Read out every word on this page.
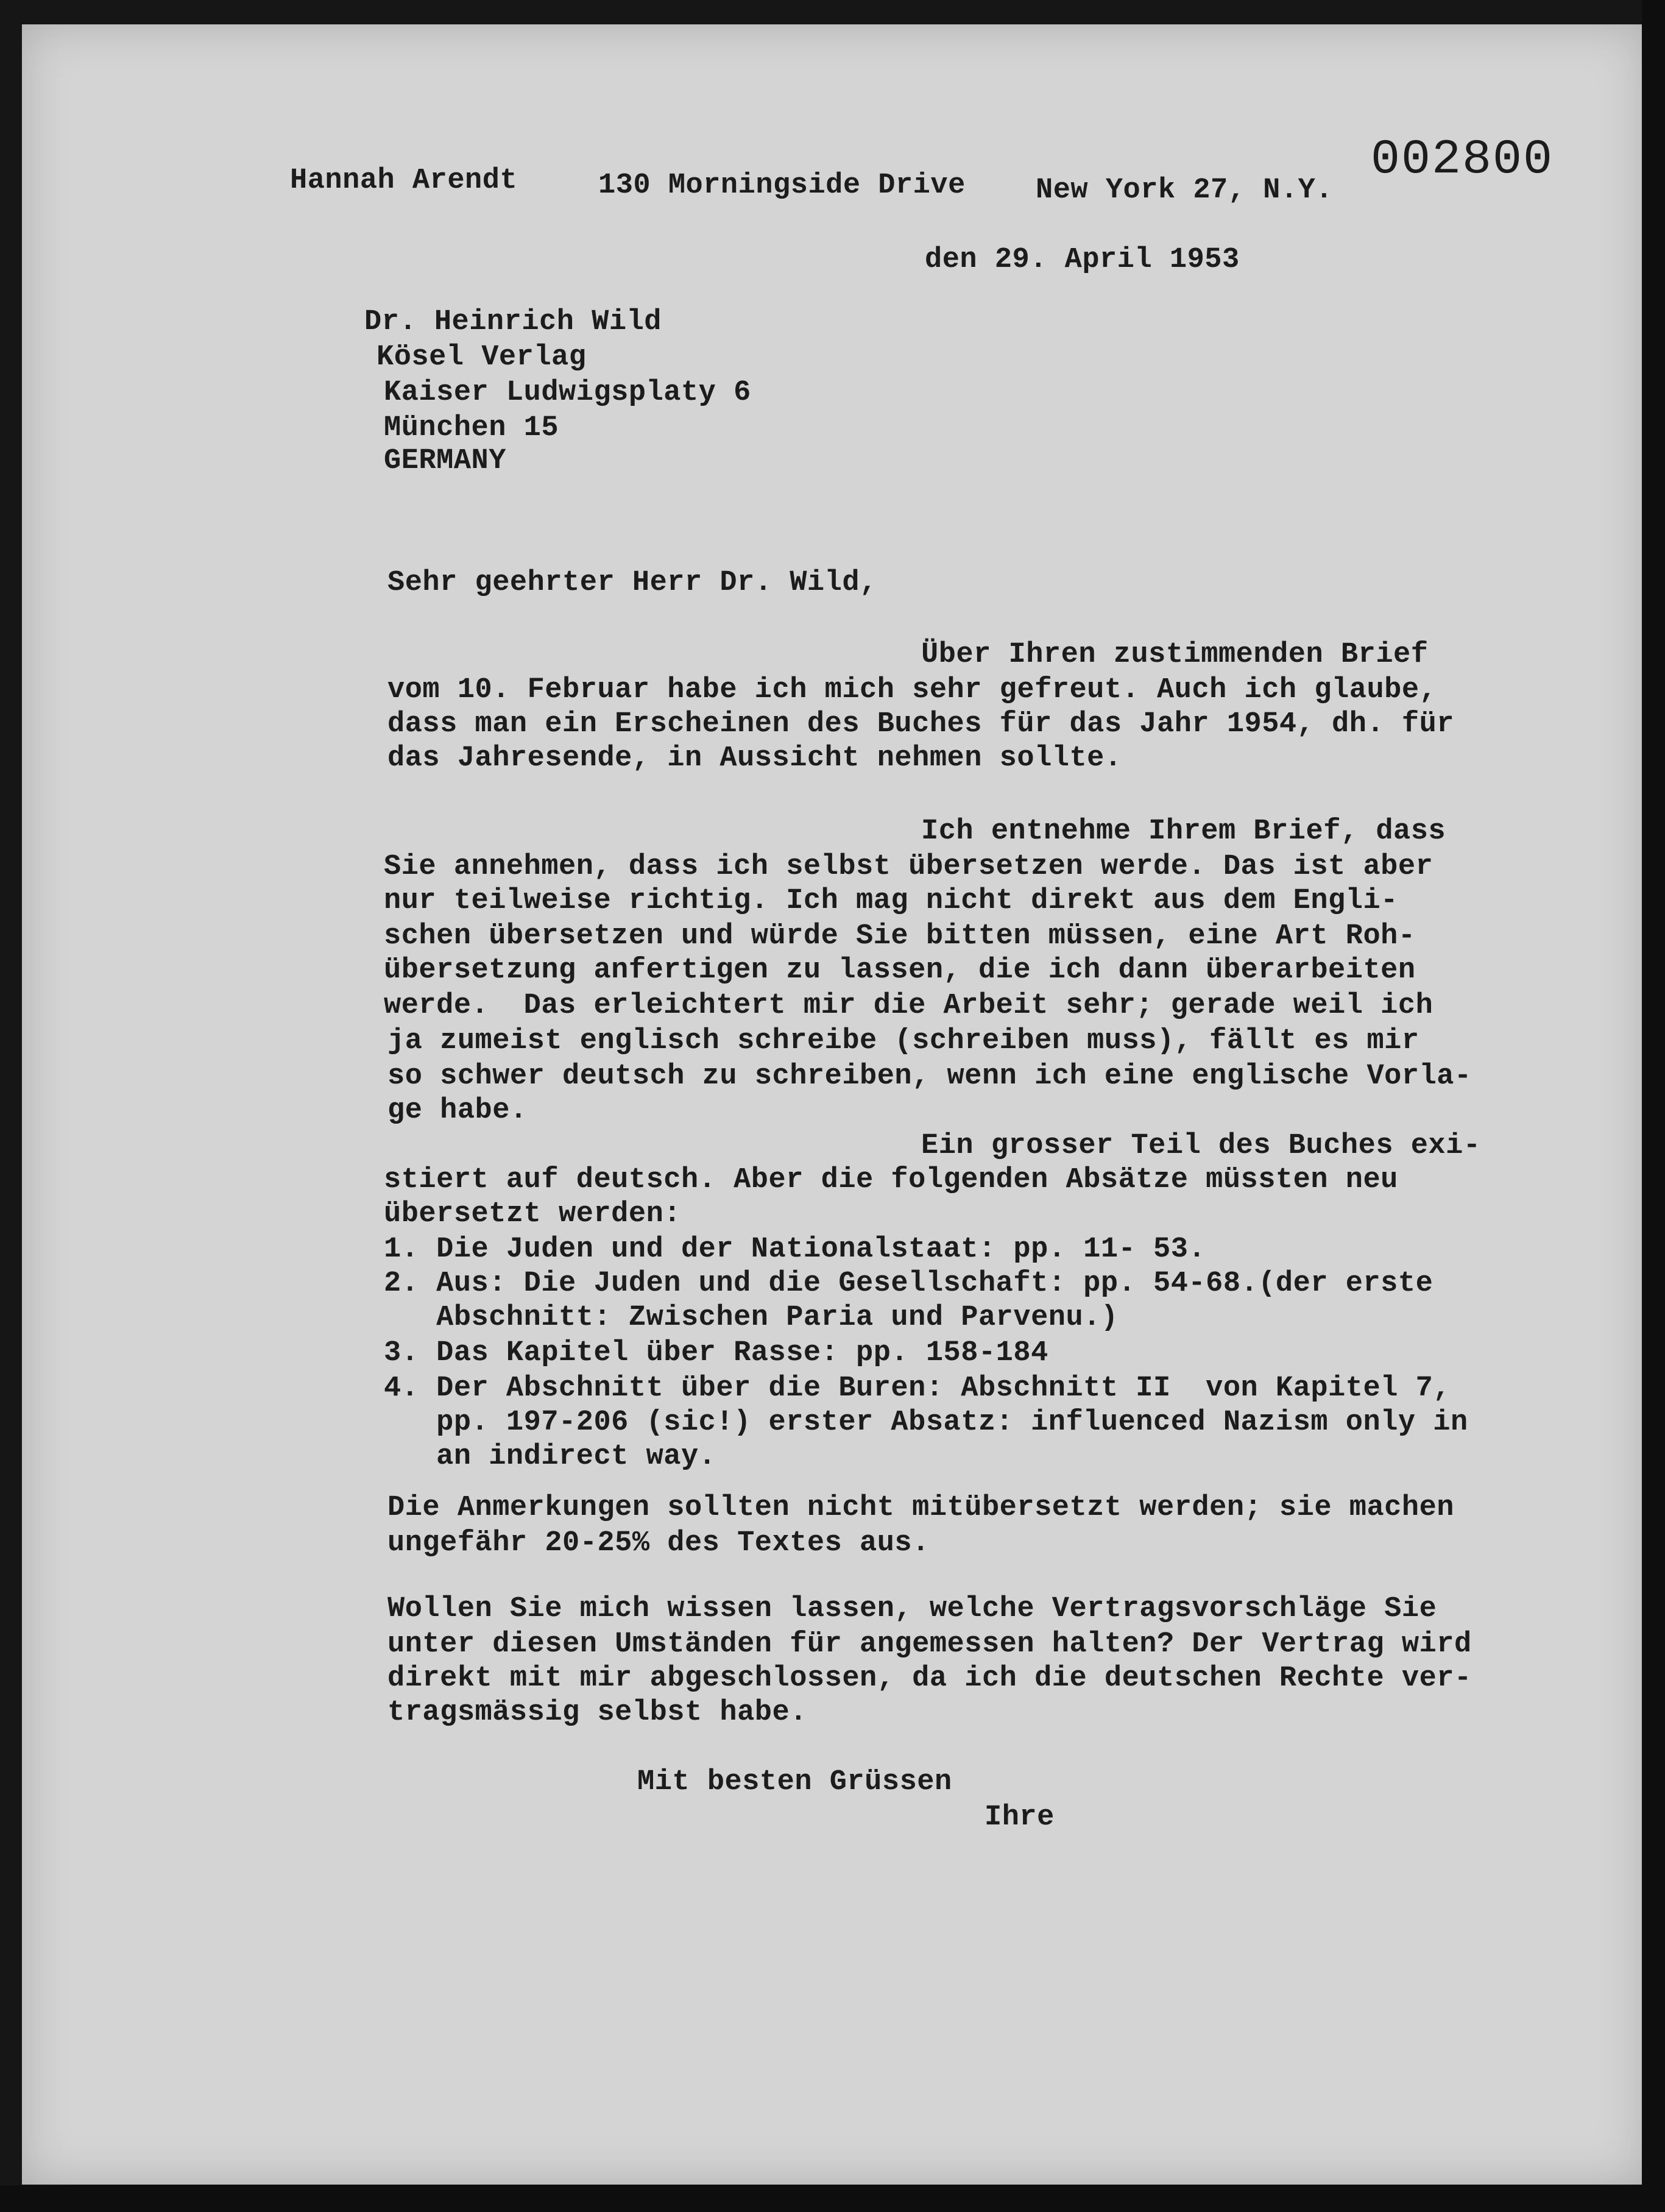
002800
Hannah Arendt	130 Morningside Drive New York 27, N.Y.
den 29. April 1953
Dr. Heinrich Wild
Kösel Verlag
Kaiser Ludwigsplaty 6
München 15
GERMANY
Sehr geehrter Herr Dr. Wild,
Über Ihren zustimmenden Brief
vom 10. Februar habe ich mich sehr gefreut. Auch ich glaube,
dass man ein Erscheinen des Buches für das Jahr 1954, dh. für
das Jahresende, in Aussicht nehmen sollte.
Ich entnehme Ihrem Brief, dass
Sie annehmen, dass ich selbst übersetzen werde. Das ist aber
nur teilweise richtig. Ich mag nicht direkt aus dem Engli-
schen übersetzen und würde Sie bitten müssen, eine Art Roh-
übersetzung anfertigen zu lassen, die ich dann überarbeiten
werde.  Das erleichtert mir die Arbeit sehr; gerade weil ich
ja zumeist englisch schreibe (schreiben muss), fällt es mir
so schwer deutsch zu schreiben, wenn ich eine englische Vorla-
ge habe.
Ein grosser Teil des Buches exi-
stiert auf deutsch. Aber die folgenden Absätze müssten neu
übersetzt werden:
1. Die Juden und der Nationalstaat: pp. 11- 53.
2. Aus: Die Juden und die Gesellschaft: pp. 54-68.(der erste
Abschnitt: Zwischen Paria und Parvenu.)
3. Das Kapitel über Rasse: pp. 158-184
4. Der Abschnitt über die Buren: Abschnitt II  von Kapitel 7,
pp. 197-206 (sic!) erster Absatz: influenced Nazism only in
an indirect way.
Die Anmerkungen sollten nicht mitübersetzt werden; sie machen
ungefähr 20-25% des Textes aus.
Wollen Sie mich wissen lassen, welche Vertragsvorschläge Sie
unter diesen Umständen für angemessen halten? Der Vertrag wird
direkt mit mir abgeschlossen, da ich die deutschen Rechte ver-
tragsmässig selbst habe.
Mit besten Grüssen
Ihre
